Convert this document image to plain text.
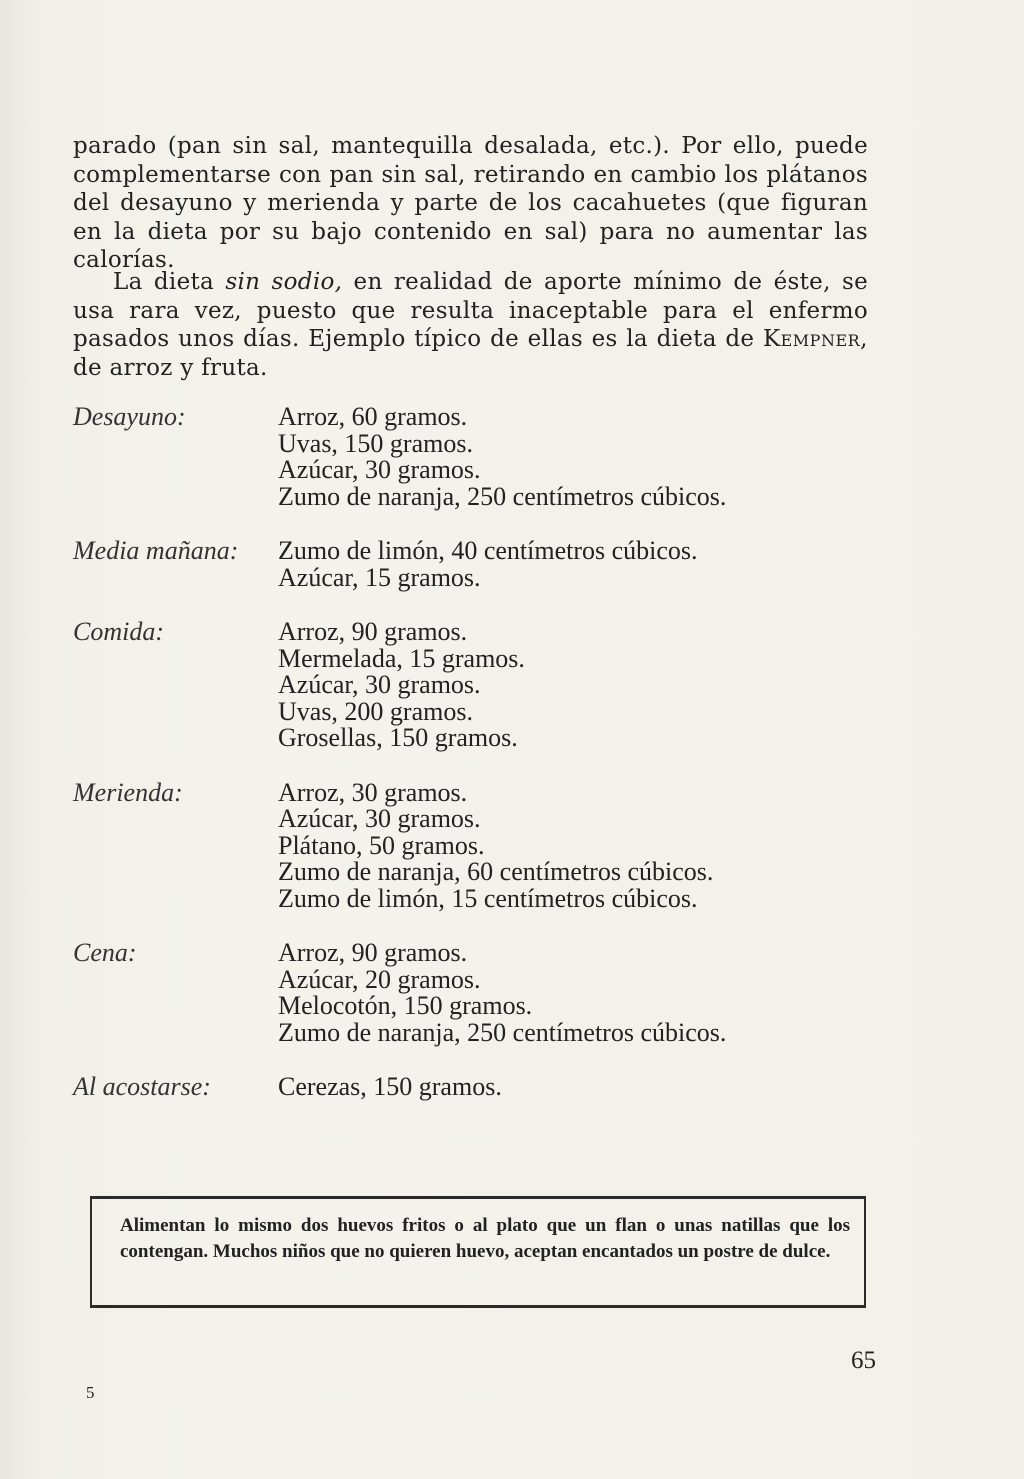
parado (pan sin sal, mantequilla desalada, etc.). Por ello, puede complementarse con pan sin sal, retirando en cambio los plátanos del desayuno y merienda y parte de los cacahuetes (que figuran en la dieta por su bajo contenido en sal) para no aumentar las calorías.
La dieta sin sodio, en realidad de aporte mínimo de éste, se usa rara vez, puesto que resulta inaceptable para el enfermo pasados unos días. Ejemplo típico de ellas es la dieta de Kempner, de arroz y fruta.
Desayuno:	Arroz, 60 gramos.
Uvas, 150 gramos.
Azúcar, 30 gramos.
Zumo de naranja, 250 centímetros cúbicos.
Media mañana:	Zumo de limón, 40 centímetros cúbicos.
Azúcar, 15 gramos.
Comida:	Arroz, 90 gramos.
Mermelada, 15 gramos.
Azúcar, 30 gramos.
Uvas, 200 gramos.
Grosellas, 150 gramos.
Merienda:	Arroz, 30 gramos.
Azúcar, 30 gramos.
Plátano, 50 gramos.
Zumo de naranja, 60 centímetros cúbicos.
Zumo de limón, 15 centímetros cúbicos.
Cena:	Arroz, 90 gramos.
Azúcar, 20 gramos.
Melocotón, 150 gramos.
Zumo de naranja, 250 centímetros cúbicos.
Al acostarse:	Cerezas, 150 gramos.
Alimentan lo mismo dos huevos fritos o al plato que un flan o unas natillas que los contengan. Muchos niños que no quieren huevo, aceptan encantados un postre de dulce.
65
5
